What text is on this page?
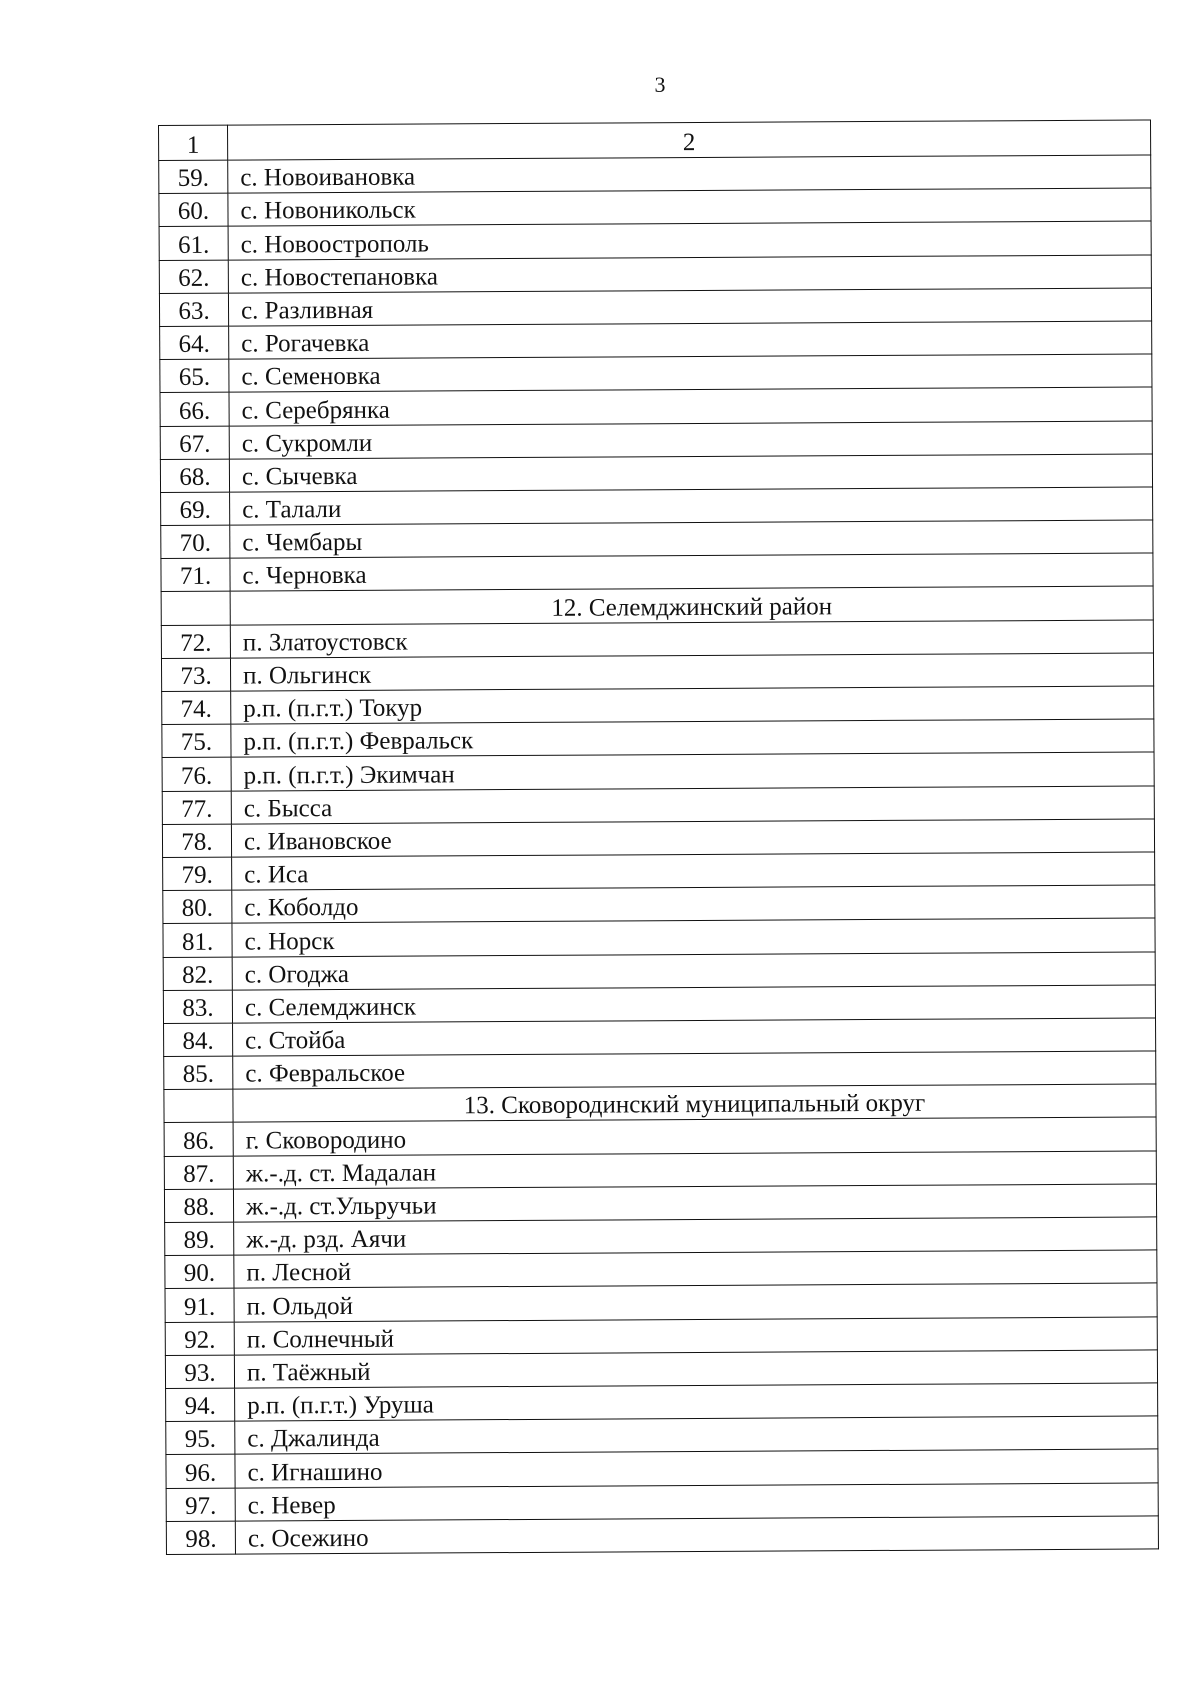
3
1	2
59.	с. Новоивановка
60.	с. Новоникольск
61.	с. Новоострополь
62.	с. Новостепановка
63.	с. Разливная
64.	с. Рогачевка
65.	с. Семеновка
66.	с. Серебрянка
67.	с. Сукромли
68.	с. Сычевка
69.	с. Талали
70.	с. Чембары
71.	с. Черновка
	12. Селемджинский район
72.	п. Златоустовск
73.	п. Ольгинск
74.	р.п. (п.г.т.) Токур
75.	р.п. (п.г.т.) Февральск
76.	р.п. (п.г.т.) Экимчан
77.	с. Бысса
78.	с. Ивановское
79.	с. Иса
80.	с. Коболдо
81.	с. Норск
82.	с. Огоджа
83.	с. Селемджинск
84.	с. Стойба
85.	с. Февральское
	13. Сковородинский муниципальный округ
86.	г. Сковородино
87.	ж.-.д. ст. Мадалан
88.	ж.-.д. ст.Ульручьи
89.	ж.-д. рзд. Аячи
90.	п. Лесной
91.	п. Ольдой
92.	п. Солнечный
93.	п. Таёжный
94.	р.п. (п.г.т.) Уруша
95.	с. Джалинда
96.	с. Игнашино
97.	с. Невер
98.	с. Осежино
